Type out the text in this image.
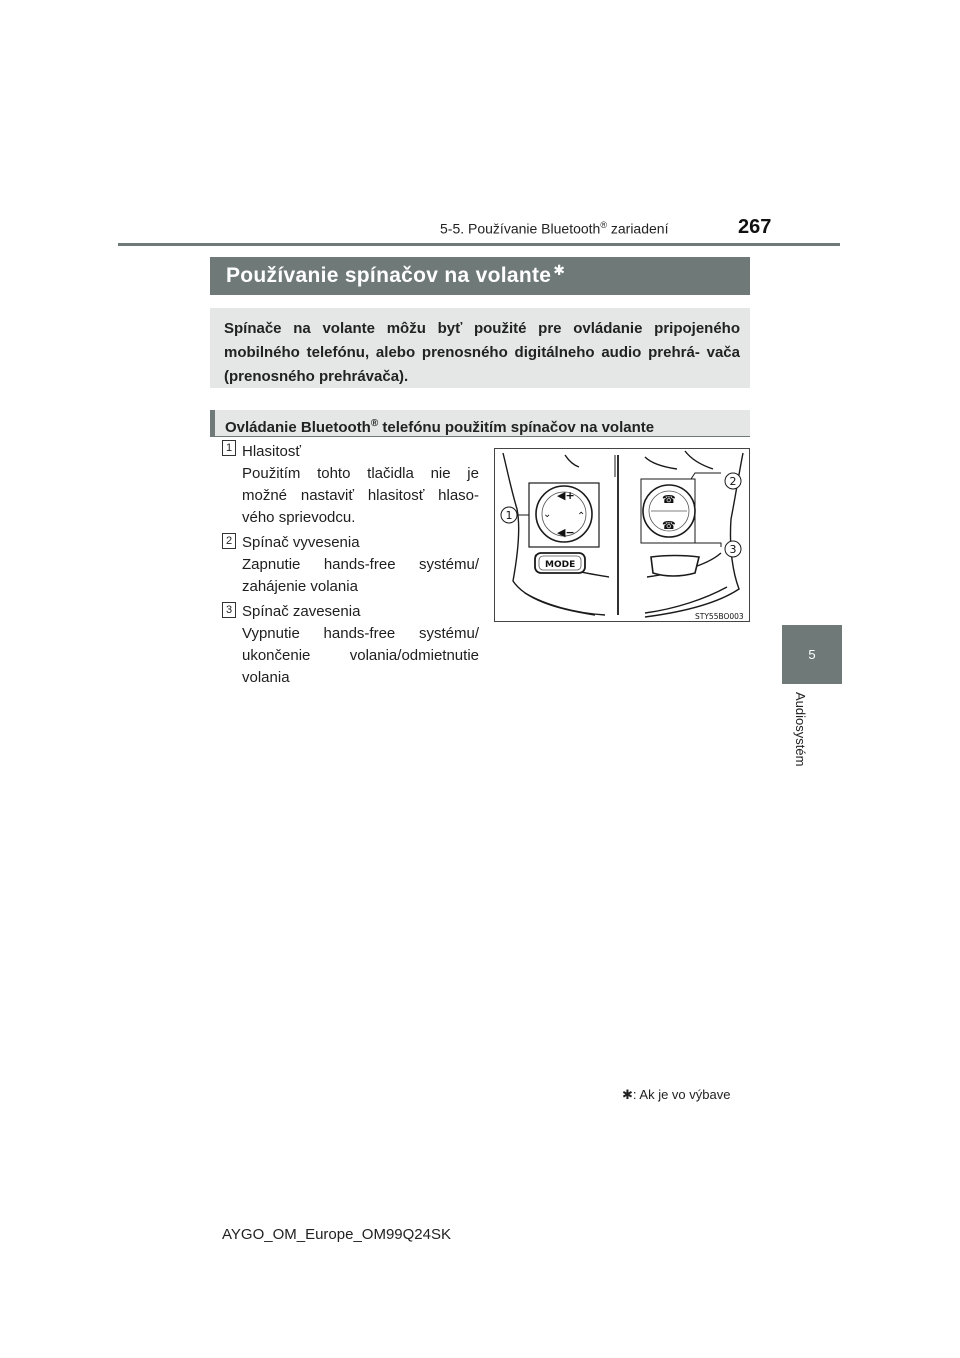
5-5. Používanie Bluetooth® zariadení	267
5
Audiosystém
Používanie spínačov na volante ✱
Spínače na volante môžu byť použité pre ovládanie pripojeného mobilného telefónu, alebo prenosného digitálneho audio prehrá- vača (prenosného prehrávača).
Ovládanie Bluetooth® telefónu použitím spínačov na volante
1 Hlasitosť
Použitím tohto tlačidla nie je
možné nastaviť hlasitosť hlaso-
vého sprievodcu.
2 Spínač vyvesenia
Zapnutie hands-free systému/
zahájenie volania
3 Spínač zavesenia
Vypnutie hands-free systému/
ukončenie volania/odmietnutie
volania
◀+
◀−
⌄	⌃
MODE
☎
☎
1
2
3
STY55BO003
✱: Ak je vo výbave
AYGO_OM_Europe_OM99Q24SK
